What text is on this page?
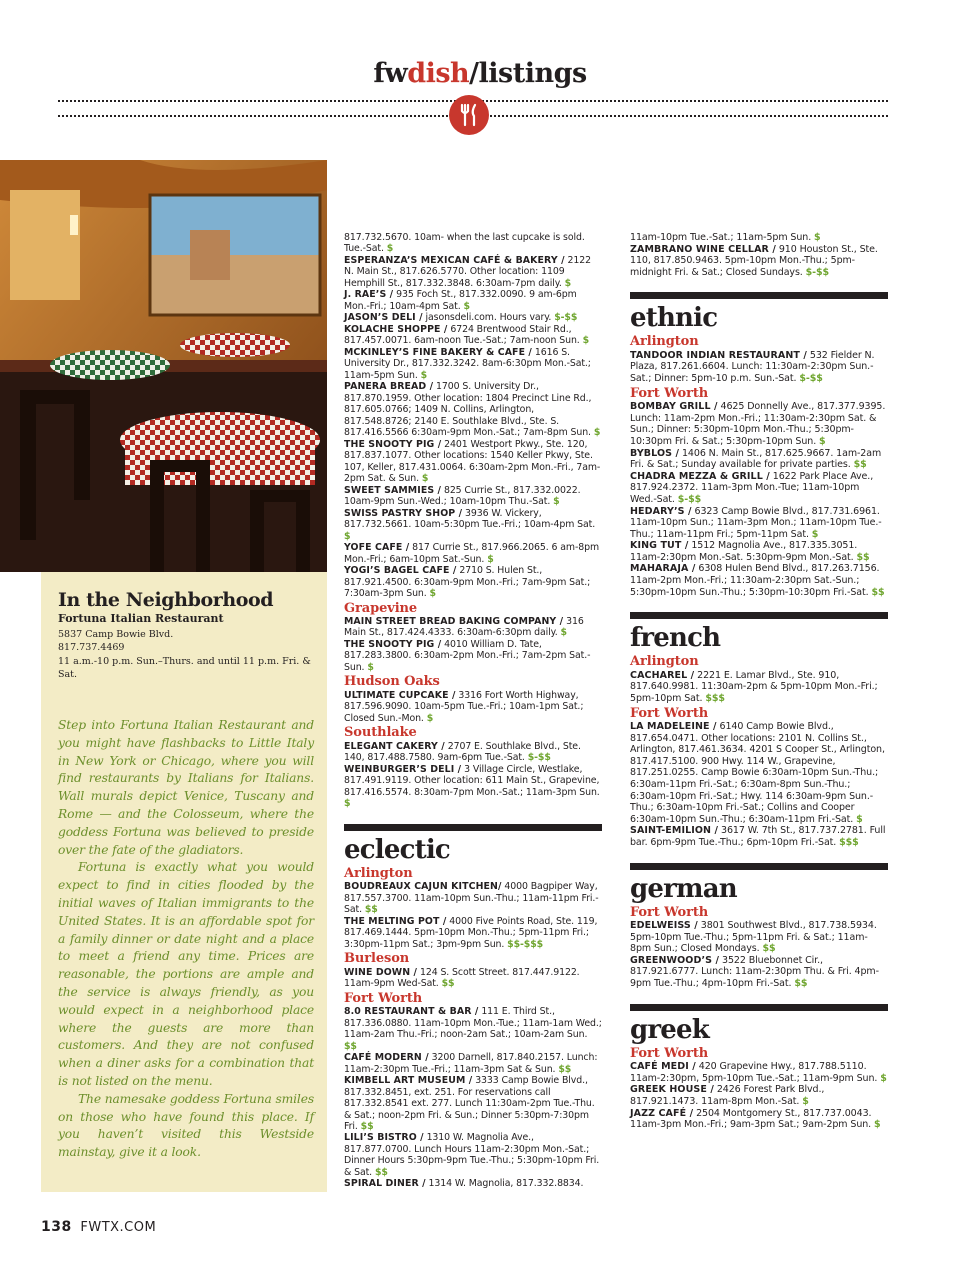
fwdish/listings
In the Neighborhood
Fortuna Italian Restaurant
5837 Camp Bowie Blvd.
817.737.4469
11 a.m.-10 p.m. Sun.–Thurs. and until 11 p.m. Fri. & Sat.

Step into Fortuna Italian Restaurant and you might have flashbacks to Little Italy in New York or Chicago, where you will find restaurants by Italians for Italians. Wall murals depict Venice, Tuscany and Rome — and the Colosseum, where the goddess Fortuna was believed to preside over the fate of the gladiators.

Fortuna is exactly what you would expect to find in cities flooded by the initial waves of Italian immigrants to the United States. It is an affordable spot for a family dinner or date night and a place to meet a friend any time. Prices are reasonable, the portions are ample and the service is always friendly, as you would expect in a neighborhood place where the guests are more than customers. And they are not confused when a diner asks for a combination that is not listed on the menu.

The namesake goddess Fortuna smiles on those who have found this place. If you haven’t visited this Westside mainstay, give it a look.

817.732.5670. 10am- when the last cupcake is sold. Tue.-Sat. $
ESPERANZA’S MEXICAN CAFÉ & BAKERY / 2122 N. Main St., 817.626.5770. Other location: 1109 Hemphill St., 817.332.3848. 6:30am-7pm daily. $
J. RAE’S / 935 Foch St., 817.332.0090. 9 am-6pm Mon.-Fri.; 10am-4pm Sat. $
JASON’S DELI / jasonsdeli.com. Hours vary. $-$$
KOLACHE SHOPPE / 6724 Brentwood Stair Rd., 817.457.0071. 6am-noon Tue.-Sat.; 7am-noon Sun. $
MCKINLEY’S FINE BAKERY & CAFE / 1616 S. University Dr., 817.332.3242. 8am-6:30pm Mon.-Sat.; 11am-5pm Sun. $
PANERA BREAD / 1700 S. University Dr., 817.870.1959. Other location: 1804 Precinct Line Rd., 817.605.0766; 1409 N. Collins, Arlington, 817.548.8726; 2140 E. Southlake Blvd., Ste. S. 817.416.5566 6:30am-9pm Mon.-Sat.; 7am-8pm Sun. $
THE SNOOTY PIG / 2401 Westport Pkwy., Ste. 120, 817.837.1077. Other locations: 1540 Keller Pkwy, Ste. 107, Keller, 817.431.0064. 6:30am-2pm Mon.-Fri., 7am-2pm Sat. & Sun. $
SWEET SAMMIES / 825 Currie St., 817.332.0022. 10am-9pm Sun.-Wed.; 10am-10pm Thu.-Sat. $
SWISS PASTRY SHOP / 3936 W. Vickery, 817.732.5661. 10am-5:30pm Tue.-Fri.; 10am-4pm Sat. $
YOFE CAFE / 817 Currie St., 817.966.2065. 6 am-8pm Mon.-Fri.; 6am-10pm Sat.-Sun. $
YOGI’S BAGEL CAFE / 2710 S. Hulen St., 817.921.4500. 6:30am-9pm Mon.-Fri.; 7am-9pm Sat.; 7:30am-3pm Sun. $
Grapevine
MAIN STREET BREAD BAKING COMPANY / 316 Main St., 817.424.4333. 6:30am-6:30pm daily. $
THE SNOOTY PIG / 4010 William D. Tate, 817.283.3800. 6:30am-2pm Mon.-Fri.; 7am-2pm Sat.-Sun. $
Hudson Oaks
ULTIMATE CUPCAKE / 3316 Fort Worth Highway, 817.596.9090. 10am-5pm Tue.-Fri.; 10am-1pm Sat.; Closed Sun.-Mon. $
Southlake
ELEGANT CAKERY / 2707 E. Southlake Blvd., Ste. 140, 817.488.7580. 9am-6pm Tue.-Sat. $-$$
WEINBURGER’S DELI / 3 Village Circle, Westlake, 817.491.9119. Other location: 611 Main St., Grapevine, 817.416.5574. 8:30am-7pm Mon.-Sat.; 11am-3pm Sun. $
eclectic
Arlington
BOUDREAUX CAJUN KITCHEN/ 4000 Bagpiper Way, 817.557.3700. 11am-10pm Sun.-Thu.; 11am-11pm Fri.-Sat. $$
THE MELTING POT / 4000 Five Points Road, Ste. 119, 817.469.1444. 5pm-10pm Mon.-Thu.; 5pm-11pm Fri.; 3:30pm-11pm Sat.; 3pm-9pm Sun. $$-$$$
Burleson
WINE DOWN / 124 S. Scott Street. 817.447.9122. 11am-9pm Wed-Sat. $$
Fort Worth
8.0 RESTAURANT & BAR / 111 E. Third St., 817.336.0880. 11am-10pm Mon.-Tue.; 11am-1am Wed.; 11am-2am Thu.-Fri.; noon-2am Sat.; 10am-2am Sun. $$
CAFÉ MODERN / 3200 Darnell, 817.840.2157. Lunch: 11am-2:30pm Tue.-Fri.; 11am-3pm Sat & Sun. $$
KIMBELL ART MUSEUM / 3333 Camp Bowie Blvd., 817.332.8451, ext. 251. For reservations call 817.332.8541 ext. 277. Lunch 11:30am-2pm Tue.-Thu. & Sat.; noon-2pm Fri. & Sun.; Dinner 5:30pm-7:30pm Fri. $$
LILI’S BISTRO / 1310 W. Magnolia Ave., 817.877.0700. Lunch Hours 11am-2:30pm Mon.-Sat.; Dinner Hours 5:30pm-9pm Tue.-Thu.; 5:30pm-10pm Fri. & Sat. $$
SPIRAL DINER / 1314 W. Magnolia, 817.332.8834.
11am-10pm Tue.-Sat.; 11am-5pm Sun. $
ZAMBRANO WINE CELLAR / 910 Houston St., Ste. 110, 817.850.9463. 5pm-10pm Mon.-Thu.; 5pm-midnight Fri. & Sat.; Closed Sundays. $-$$
ethnic
Arlington
TANDOOR INDIAN RESTAURANT / 532 Fielder N. Plaza, 817.261.6604. Lunch: 11:30am-2:30pm Sun.-Sat.; Dinner: 5pm-10 p.m. Sun.-Sat. $-$$
Fort Worth
BOMBAY GRILL / 4625 Donnelly Ave., 817.377.9395. Lunch: 11am-2pm Mon.-Fri.; 11:30am-2:30pm Sat. & Sun.; Dinner: 5:30pm-10pm Mon.-Thu.; 5:30pm-10:30pm Fri. & Sat.; 5:30pm-10pm Sun. $
BYBLOS / 1406 N. Main St., 817.625.9667. 1am-2am Fri. & Sat.; Sunday available for private parties. $$
CHADRA MEZZA & GRILL / 1622 Park Place Ave., 817.924.2372. 11am-3pm Mon.-Tue; 11am-10pm Wed.-Sat. $-$$
HEDARY’S / 6323 Camp Bowie Blvd., 817.731.6961. 11am-10pm Sun.; 11am-3pm Mon.; 11am-10pm Tue.-Thu.; 11am-11pm Fri.; 5pm-11pm Sat. $
KING TUT / 1512 Magnolia Ave., 817.335.3051. 11am-2:30pm Mon.-Sat. 5:30pm-9pm Mon.-Sat. $$
MAHARAJA / 6308 Hulen Bend Blvd., 817.263.7156. 11am-2pm Mon.-Fri.; 11:30am-2:30pm Sat.-Sun.; 5:30pm-10pm Sun.-Thu.; 5:30pm-10:30pm Fri.-Sat. $$
french
Arlington
CACHAREL / 2221 E. Lamar Blvd., Ste. 910, 817.640.9981. 11:30am-2pm & 5pm-10pm Mon.-Fri.; 5pm-10pm Sat. $$$
Fort Worth
LA MADELEINE / 6140 Camp Bowie Blvd., 817.654.0471. Other locations: 2101 N. Collins St., Arlington, 817.461.3634. 4201 S Cooper St., Arlington, 817.417.5100. 900 Hwy. 114 W., Grapevine, 817.251.0255. Camp Bowie 6:30am-10pm Sun.-Thu.; 6:30am-11pm Fri.-Sat.; 6:30am-8pm Sun.-Thu.; 6:30am-10pm Fri.-Sat.; Hwy. 114 6:30am-9pm Sun.-Thu.; 6:30am-10pm Fri.-Sat.; Collins and Cooper 6:30am-10pm Sun.-Thu.; 6:30am-11pm Fri.-Sat. $
SAINT-EMILION / 3617 W. 7th St., 817.737.2781. Full bar. 6pm-9pm Tue.-Thu.; 6pm-10pm Fri.-Sat. $$$
german
Fort Worth
EDELWEISS / 3801 Southwest Blvd., 817.738.5934. 5pm-10pm Tue.-Thu.; 5pm-11pm Fri. & Sat.; 11am-8pm Sun.; Closed Mondays. $$
GREENWOOD’S / 3522 Bluebonnet Cir., 817.921.6777. Lunch: 11am-2:30pm Thu. & Fri. 4pm-9pm Tue.-Thu.; 4pm-10pm Fri.-Sat. $$
greek
Fort Worth
CAFÉ MEDI / 420 Grapevine Hwy., 817.788.5110. 11am-2:30pm, 5pm-10pm Tue.-Sat.; 11am-9pm Sun. $
GREEK HOUSE / 2426 Forest Park Blvd., 817.921.1473. 11am-8pm Mon.-Sat. $
JAZZ CAFÉ / 2504 Montgomery St., 817.737.0043. 11am-3pm Mon.-Fri.; 9am-3pm Sat.; 9am-2pm Sun. $
138 FWTX.COM
